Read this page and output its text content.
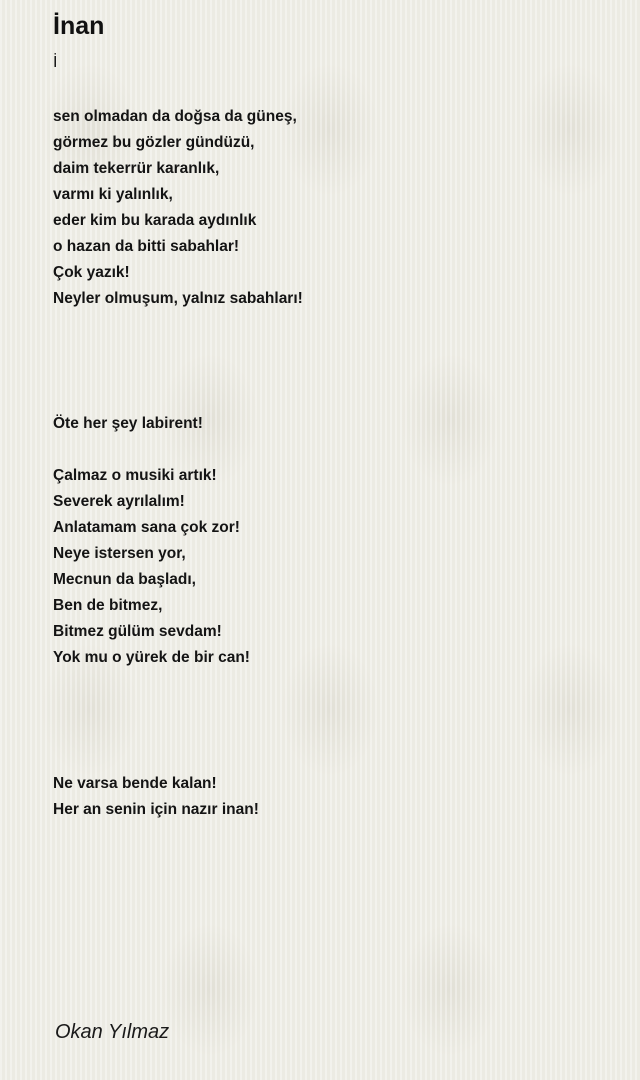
İnan
İ
sen olmadan da doğsa da güneş,
görmez bu gözler gündüzü,
daim tekerrür karanlık,
varmı ki yalınlık,
eder kim bu karada aydınlık
o hazan da bitti sabahlar!
Çok yazık!
Neyler olmuşum, yalnız sabahları!
Öte her şey labirent!
Çalmaz o musiki artık!
Severek ayrılalım!
Anlatamam sana çok zor!
Neye istersen yor,
Mecnun da başladı,
Ben de bitmez,
Bitmez gülüm sevdam!
Yok mu o yürek de bir can!
Ne varsa bende kalan!
Her an senin için nazır inan!
Okan Yılmaz
